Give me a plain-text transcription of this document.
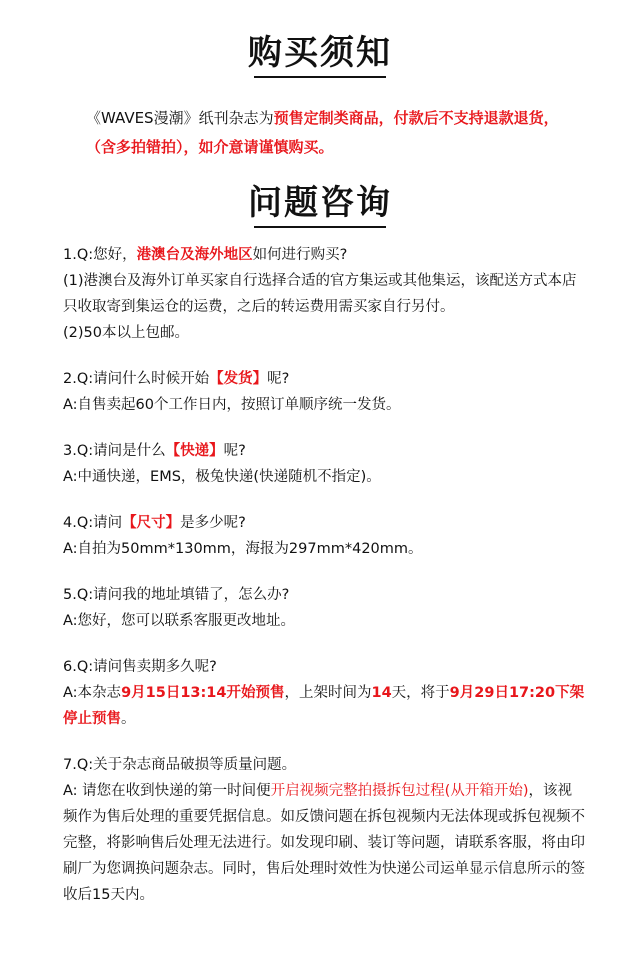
购买须知
《WAVES漫潮》纸刊杂志为预售定制类商品，付款后不支持退款退货，（含多拍错拍），如介意请谨慎购买。
问题咨询
1.Q:您好，港澳台及海外地区如何进行购买?
(1)港澳台及海外订单买家自行选择合适的官方集运或其他集运，该配送方式本店只收取寄到集运仓的运费，之后的转运费用需买家自行另付。
(2)50本以上包邮。
2.Q:请问什么时候开始【发货】呢?
A:自售卖起60个工作日内，按照订单顺序统一发货。
3.Q:请问是什么【快递】呢?
A:中通快递，EMS，极兔快递(快递随机不指定)。
4.Q:请问【尺寸】是多少呢?
A:自拍为50mm*130mm，海报为297mm*420mm。
5.Q:请问我的地址填错了，怎么办?
A:您好，您可以联系客服更改地址。
6.Q:请问售卖期多久呢?
A:本杂志9月15日13:14开始预售，上架时间为14天，将于9月29日17:20下架停止预售。
7.Q:关于杂志商品破损等质量问题。
A: 请您在收到快递的第一时间便开启视频完整拍摄拆包过程(从开箱开始)，该视频作为售后处理的重要凭据信息。如反馈问题在拆包视频内无法体现或拆包视频不完整，将影响售后处理无法进行。如发现印刷、装订等问题，请联系客服，将由印刷厂为您调换问题杂志。同时，售后处理时效性为快递公司运单显示信息所示的签收后15天内。
